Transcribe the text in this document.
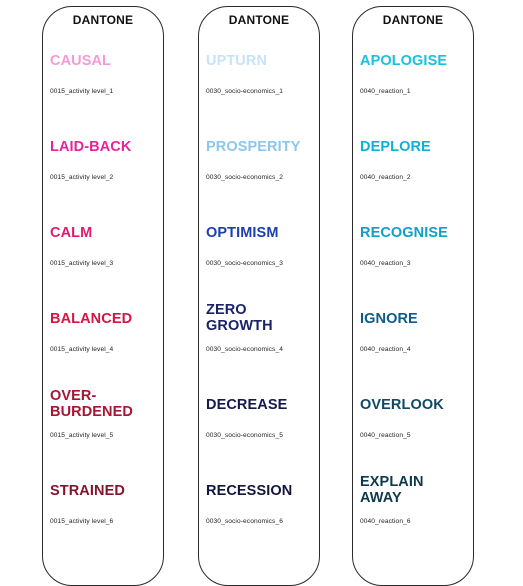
DANTONE
CAUSAL
0015_activity level_1
LAID-BACK
0015_activity level_2
CALM
0015_activity level_3
BALANCED
0015_activity level_4
OVER-
BURDENED
0015_activity level_5
STRAINED
0015_activity level_6
DANTONE
UPTURN
0030_socio-economics_1
PROSPERITY
0030_socio-economics_2
OPTIMISM
0030_socio-economics_3
ZERO
GROWTH
0030_socio-economics_4
DECREASE
0030_socio-economics_5
RECESSION
0030_socio-economics_6
DANTONE
APOLOGISE
0040_reaction_1
DEPLORE
0040_reaction_2
RECOGNISE
0040_reaction_3
IGNORE
0040_reaction_4
OVERLOOK
0040_reaction_5
EXPLAIN
AWAY
0040_reaction_6
